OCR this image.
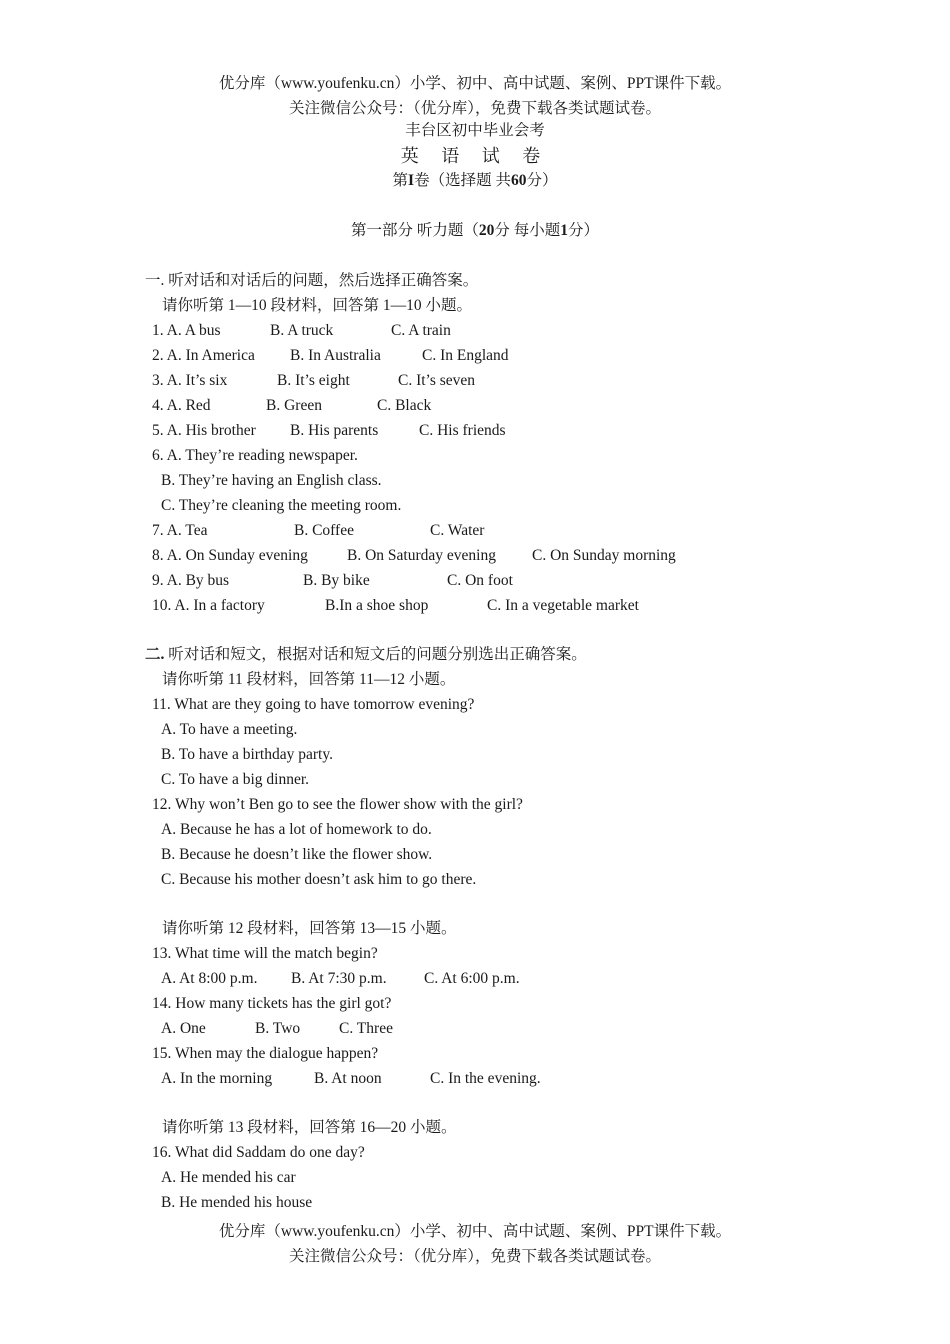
优分库（www.youfenku.cn）小学、初中、高中试题、案例、PPT课件下载。
关注微信公众号：（优分库），免费下载各类试题试卷。
丰台区初中毕业会考
英 语 试 卷
第I卷（选择题 共60分）
第一部分 听力题（20分 每小题1分）
一. 听对话和对话后的问题，然后选择正确答案。
请你听第 1—10 段材料，回答第 1—10 小题。
1. A. A bus	B. A truck	C. A train
2. A. In America B. In Australia	C. In England
3. A. It’s six	B. It’s eight	C. It’s seven
4. A. Red	B. Green	C. Black
5. A. His brother B. His parents	C. His friends
6. A. They’re reading newspaper.
B. They’re having an English class.
C. They’re cleaning the meeting room.
7. A. Tea	B. Coffee	C. Water
8. A. On Sunday evening	B. On Saturday evening C. On Sunday morning
9. A. By bus	B. By bike	C. On foot
10. A. In a factory	B.In a shoe shop	C. In a vegetable market
二. 听对话和短文，根据对话和短文后的问题分别选出正确答案。
请你听第 11 段材料，回答第 11—12 小题。
11. What are they going to have tomorrow evening?
A. To have a meeting.
B. To have a birthday party.
C. To have a big dinner.
12. Why won’t Ben go to see the flower show with the girl?
A. Because he has a lot of homework to do.
B. Because he doesn’t like the flower show.
C. Because his mother doesn’t ask him to go there.
请你听第 12 段材料，回答第 13—15 小题。
13. What time will the match begin?
A. At 8:00 p.m. B. At 7:30 p.m. C. At 6:00 p.m.
14. How many tickets has the girl got?
A. One	B. Two	C. Three
15. When may the dialogue happen?
A. In the morning	B. At noon	C. In the evening.
请你听第 13 段材料，回答第 16—20 小题。
16. What did Saddam do one day?
A. He mended his car
B. He mended his house
优分库（www.youfenku.cn）小学、初中、高中试题、案例、PPT课件下载。
关注微信公众号：（优分库），免费下载各类试题试卷。
